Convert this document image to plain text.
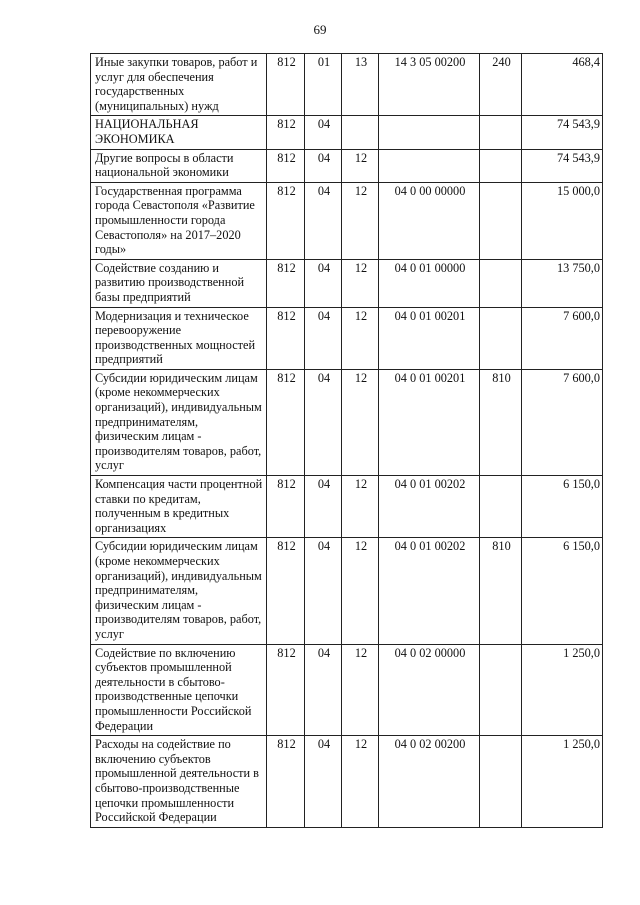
69
Иные закупки товаров, работ и услуг для обеспечения государственных (муниципальных) нужд	812	01	13	14 3 05 00200	240	468,4
НАЦИОНАЛЬНАЯ ЭКОНОМИКА	812	04				74 543,9
Другие вопросы в области национальной экономики	812	04	12			74 543,9
Государственная программа города Севастополя «Развитие промышленности города Севастополя» на 2017–2020 годы»	812	04	12	04 0 00 00000		15 000,0
Содействие созданию и развитию производственной базы предприятий	812	04	12	04 0 01 00000		13 750,0
Модернизация и техническое перевооружение производственных мощностей предприятий	812	04	12	04 0 01 00201		7 600,0
Субсидии юридическим лицам (кроме некоммерческих организаций), индивидуальным предпринимателям, физическим лицам - производителям товаров, работ, услуг	812	04	12	04 0 01 00201	810	7 600,0
Компенсация части процентной ставки по кредитам, полученным в кредитных организациях	812	04	12	04 0 01 00202		6 150,0
Субсидии юридическим лицам (кроме некоммерческих организаций), индивидуальным предпринимателям, физическим лицам - производителям товаров, работ, услуг	812	04	12	04 0 01 00202	810	6 150,0
Содействие по включению субъектов промышленной деятельности в сбытово-производственные цепочки промышленности Российской Федерации	812	04	12	04 0 02 00000		1 250,0
Расходы на содействие по включению субъектов промышленной деятельности в сбытово-производственные цепочки промышленности Российской Федерации	812	04	12	04 0 02 00200		1 250,0
